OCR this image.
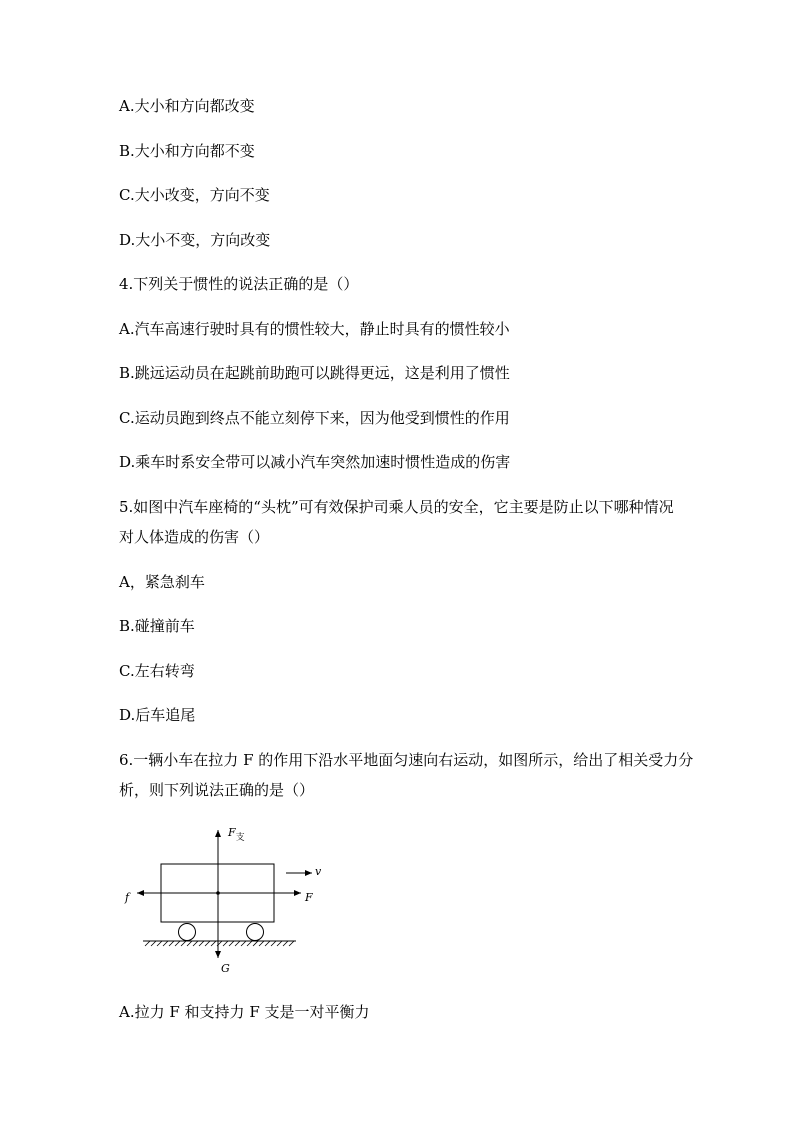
A.大小和方向都改变
B.大小和方向都不变
C.大小改变，方向不变
D.大小不变，方向改变
4.下列关于惯性的说法正确的是（）
A.汽车高速行驶时具有的惯性较大，静止时具有的惯性较小
B.跳远运动员在起跳前助跑可以跳得更远，这是利用了惯性
C.运动员跑到终点不能立刻停下来，因为他受到惯性的作用
D.乘车时系安全带可以减小汽车突然加速时惯性造成的伤害
5.如图中汽车座椅的“头枕”可有效保护司乘人员的安全，它主要是防止以下哪种情况
对人体造成的伤害（）
A，紧急刹车
B.碰撞前车
C.左右转弯
D.后车追尾
6.一辆小车在拉力 F 的作用下沿水平地面匀速向右运动，如图所示，给出了相关受力分
析，则下列说法正确的是（）
$F_支$
v
f	F
G
A.拉力 F 和支持力 F 支是一对平衡力
